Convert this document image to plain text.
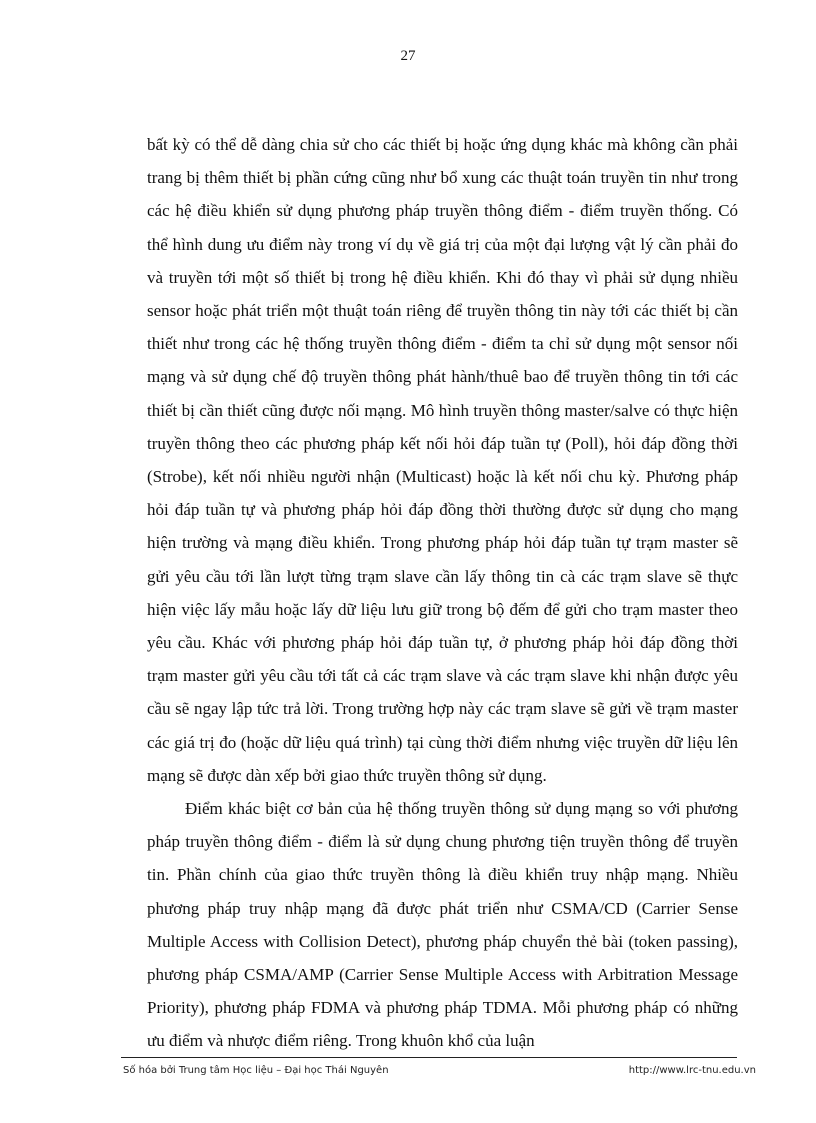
27

bất kỳ có thể dễ dàng chia sử cho các thiết bị hoặc ứng dụng khác mà không cần phải trang bị thêm thiết bị phần cứng cũng như bổ xung các thuật toán truyền tin như trong các hệ điều khiển sử dụng phương pháp truyền thông điểm - điểm truyền thống. Có thể hình dung ưu điểm này trong ví dụ về giá trị của một đại lượng vật lý cần phải đo và truyền tới một số thiết bị trong hệ điều khiển. Khi đó thay vì phải sử dụng nhiều sensor hoặc phát triển một thuật toán riêng để truyền thông tin này tới các thiết bị cần thiết như trong các hệ thống truyền thông điểm - điểm ta chỉ sử dụng một sensor nối mạng và sử dụng chế độ truyền thông phát hành/thuê bao để truyền thông tin tới các thiết bị cần thiết cũng được nối mạng. Mô hình truyền thông master/salve có thực hiện truyền thông theo các phương pháp kết nối hỏi đáp tuần tự (Poll), hỏi đáp đồng thời (Strobe), kết nối nhiều người nhận (Multicast) hoặc là kết nối chu kỳ. Phương pháp hỏi đáp tuần tự và phương pháp hỏi đáp đồng thời thường được sử dụng cho mạng hiện trường và mạng điều khiển. Trong phương pháp hỏi đáp tuần tự trạm master sẽ gửi yêu cầu tới lần lượt từng trạm slave cần lấy thông tin cà các trạm slave sẽ thực hiện việc lấy mẫu hoặc lấy dữ liệu lưu giữ trong bộ đếm để gửi cho trạm master theo yêu cầu. Khác với phương pháp hỏi đáp tuần tự, ở phương pháp hỏi đáp đồng thời trạm master gửi yêu cầu tới tất cả các trạm slave và các trạm slave khi nhận được yêu cầu sẽ ngay lập tức trả lời. Trong trường hợp này các trạm slave sẽ gửi về trạm master các giá trị đo (hoặc dữ liệu quá trình) tại cùng thời điểm nhưng việc truyền dữ liệu lên mạng sẽ được dàn xếp bởi giao thức truyền thông sử dụng.

Điểm khác biệt cơ bản của hệ thống truyền thông sử dụng mạng so với phương pháp truyền thông điểm - điểm là sử dụng chung phương tiện truyền thông để truyền tin. Phần chính của giao thức truyền thông là điều khiển truy nhập mạng. Nhiều phương pháp truy nhập mạng đã được phát triển như CSMA/CD (Carrier Sense Multiple Access with Collision Detect), phương pháp chuyển thẻ bài (token passing), phương pháp CSMA/AMP (Carrier Sense Multiple Access with Arbitration Message Priority), phương pháp FDMA và phương pháp TDMA. Mỗi phương pháp có những ưu điểm và nhược điểm riêng. Trong khuôn khổ của luận

Số hóa bởi Trung tâm Học liệu – Đại học Thái Nguyên	http://www.lrc-tnu.edu.vn
